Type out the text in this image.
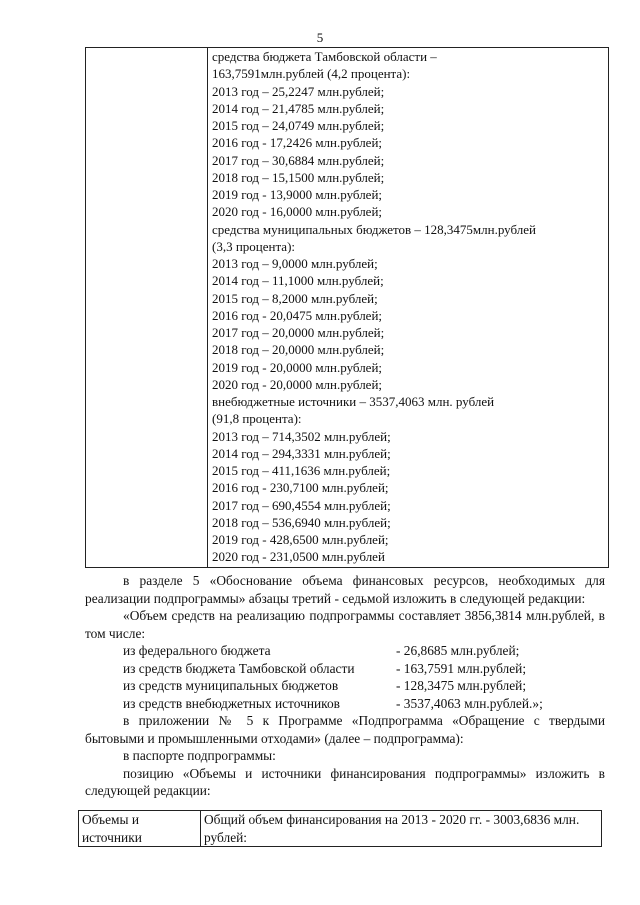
5

средства бюджета Тамбовской области –
163,7591млн.рублей (4,2 процента):
2013 год – 25,2247 млн.рублей;
2014 год – 21,4785 млн.рублей;
2015 год – 24,0749 млн.рублей;
2016 год - 17,2426 млн.рублей;
2017 год – 30,6884 млн.рублей;
2018 год – 15,1500 млн.рублей;
2019 год - 13,9000 млн.рублей;
2020 год - 16,0000 млн.рублей;
средства муниципальных бюджетов – 128,3475млн.рублей
(3,3 процента):
2013 год – 9,0000 млн.рублей;
2014 год – 11,1000 млн.рублей;
2015 год – 8,2000 млн.рублей;
2016 год - 20,0475 млн.рублей;
2017 год – 20,0000 млн.рублей;
2018 год – 20,0000 млн.рублей;
2019 год - 20,0000 млн.рублей;
2020 год - 20,0000 млн.рублей;
внебюджетные источники – 3537,4063 млн. рублей
(91,8 процента):
2013 год – 714,3502 млн.рублей;
2014 год – 294,3331 млн.рублей;
2015 год – 411,1636 млн.рублей;
2016 год - 230,7100 млн.рублей;
2017 год – 690,4554 млн.рублей;
2018 год – 536,6940 млн.рублей;
2019 год - 428,6500 млн.рублей;
2020 год - 231,0500 млн.рублей

в разделе 5 «Обоснование объема финансовых ресурсов, необходимых для реализации подпрограммы» абзацы третий - седьмой изложить в следующей редакции:

«Объем средств на реализацию подпрограммы составляет 3856,3814 млн.рублей, в том числе:

из федерального бюджета	- 26,8685 млн.рублей;
из средств бюджета Тамбовской области	- 163,7591 млн.рублей;
из средств муниципальных бюджетов	- 128,3475 млн.рублей;
из средств внебюджетных источников	- 3537,4063 млн.рублей.»;

в приложении № 5 к Программе «Подпрограмма «Обращение с твердыми бытовыми и промышленными отходами» (далее – подпрограмма):

в паспорте подпрограммы:

позицию «Объемы и источники финансирования подпрограммы» изложить в следующей редакции:

Объемы и источники	Общий объем финансирования на 2013 - 2020 гг. - 3003,6836 млн. рублей:
